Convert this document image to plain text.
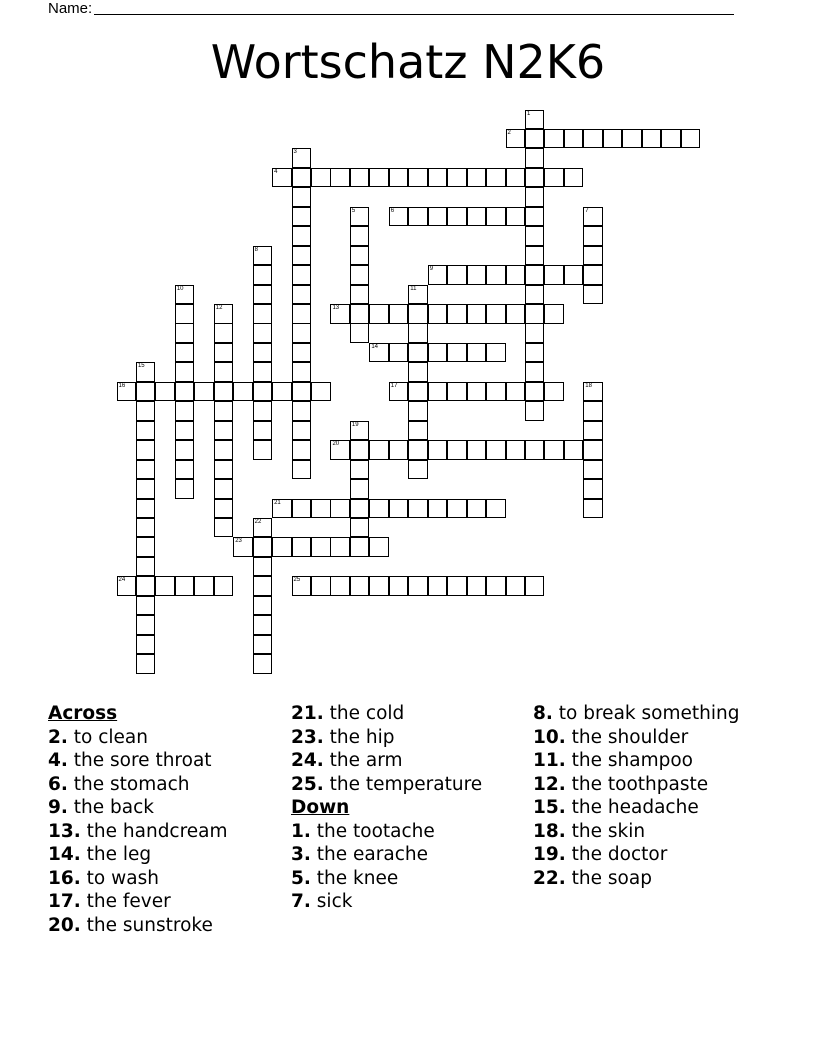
Name:
Wortschatz N2K6
1
2
3
4
5	6	7
8
9
10	11
12	13
14
15
16	17	18
19
20
21
22
23
24	25
Across
2. to clean
4. the sore throat
6. the stomach
9. the back
13. the handcream
14. the leg
16. to wash
17. the fever
20. the sunstroke
21. the cold
23. the hip
24. the arm
25. the temperature
Down
1. the tootache
3. the earache
5. the knee
7. sick
8. to break something
10. the shoulder
11. the shampoo
12. the toothpaste
15. the headache
18. the skin
19. the doctor
22. the soap
